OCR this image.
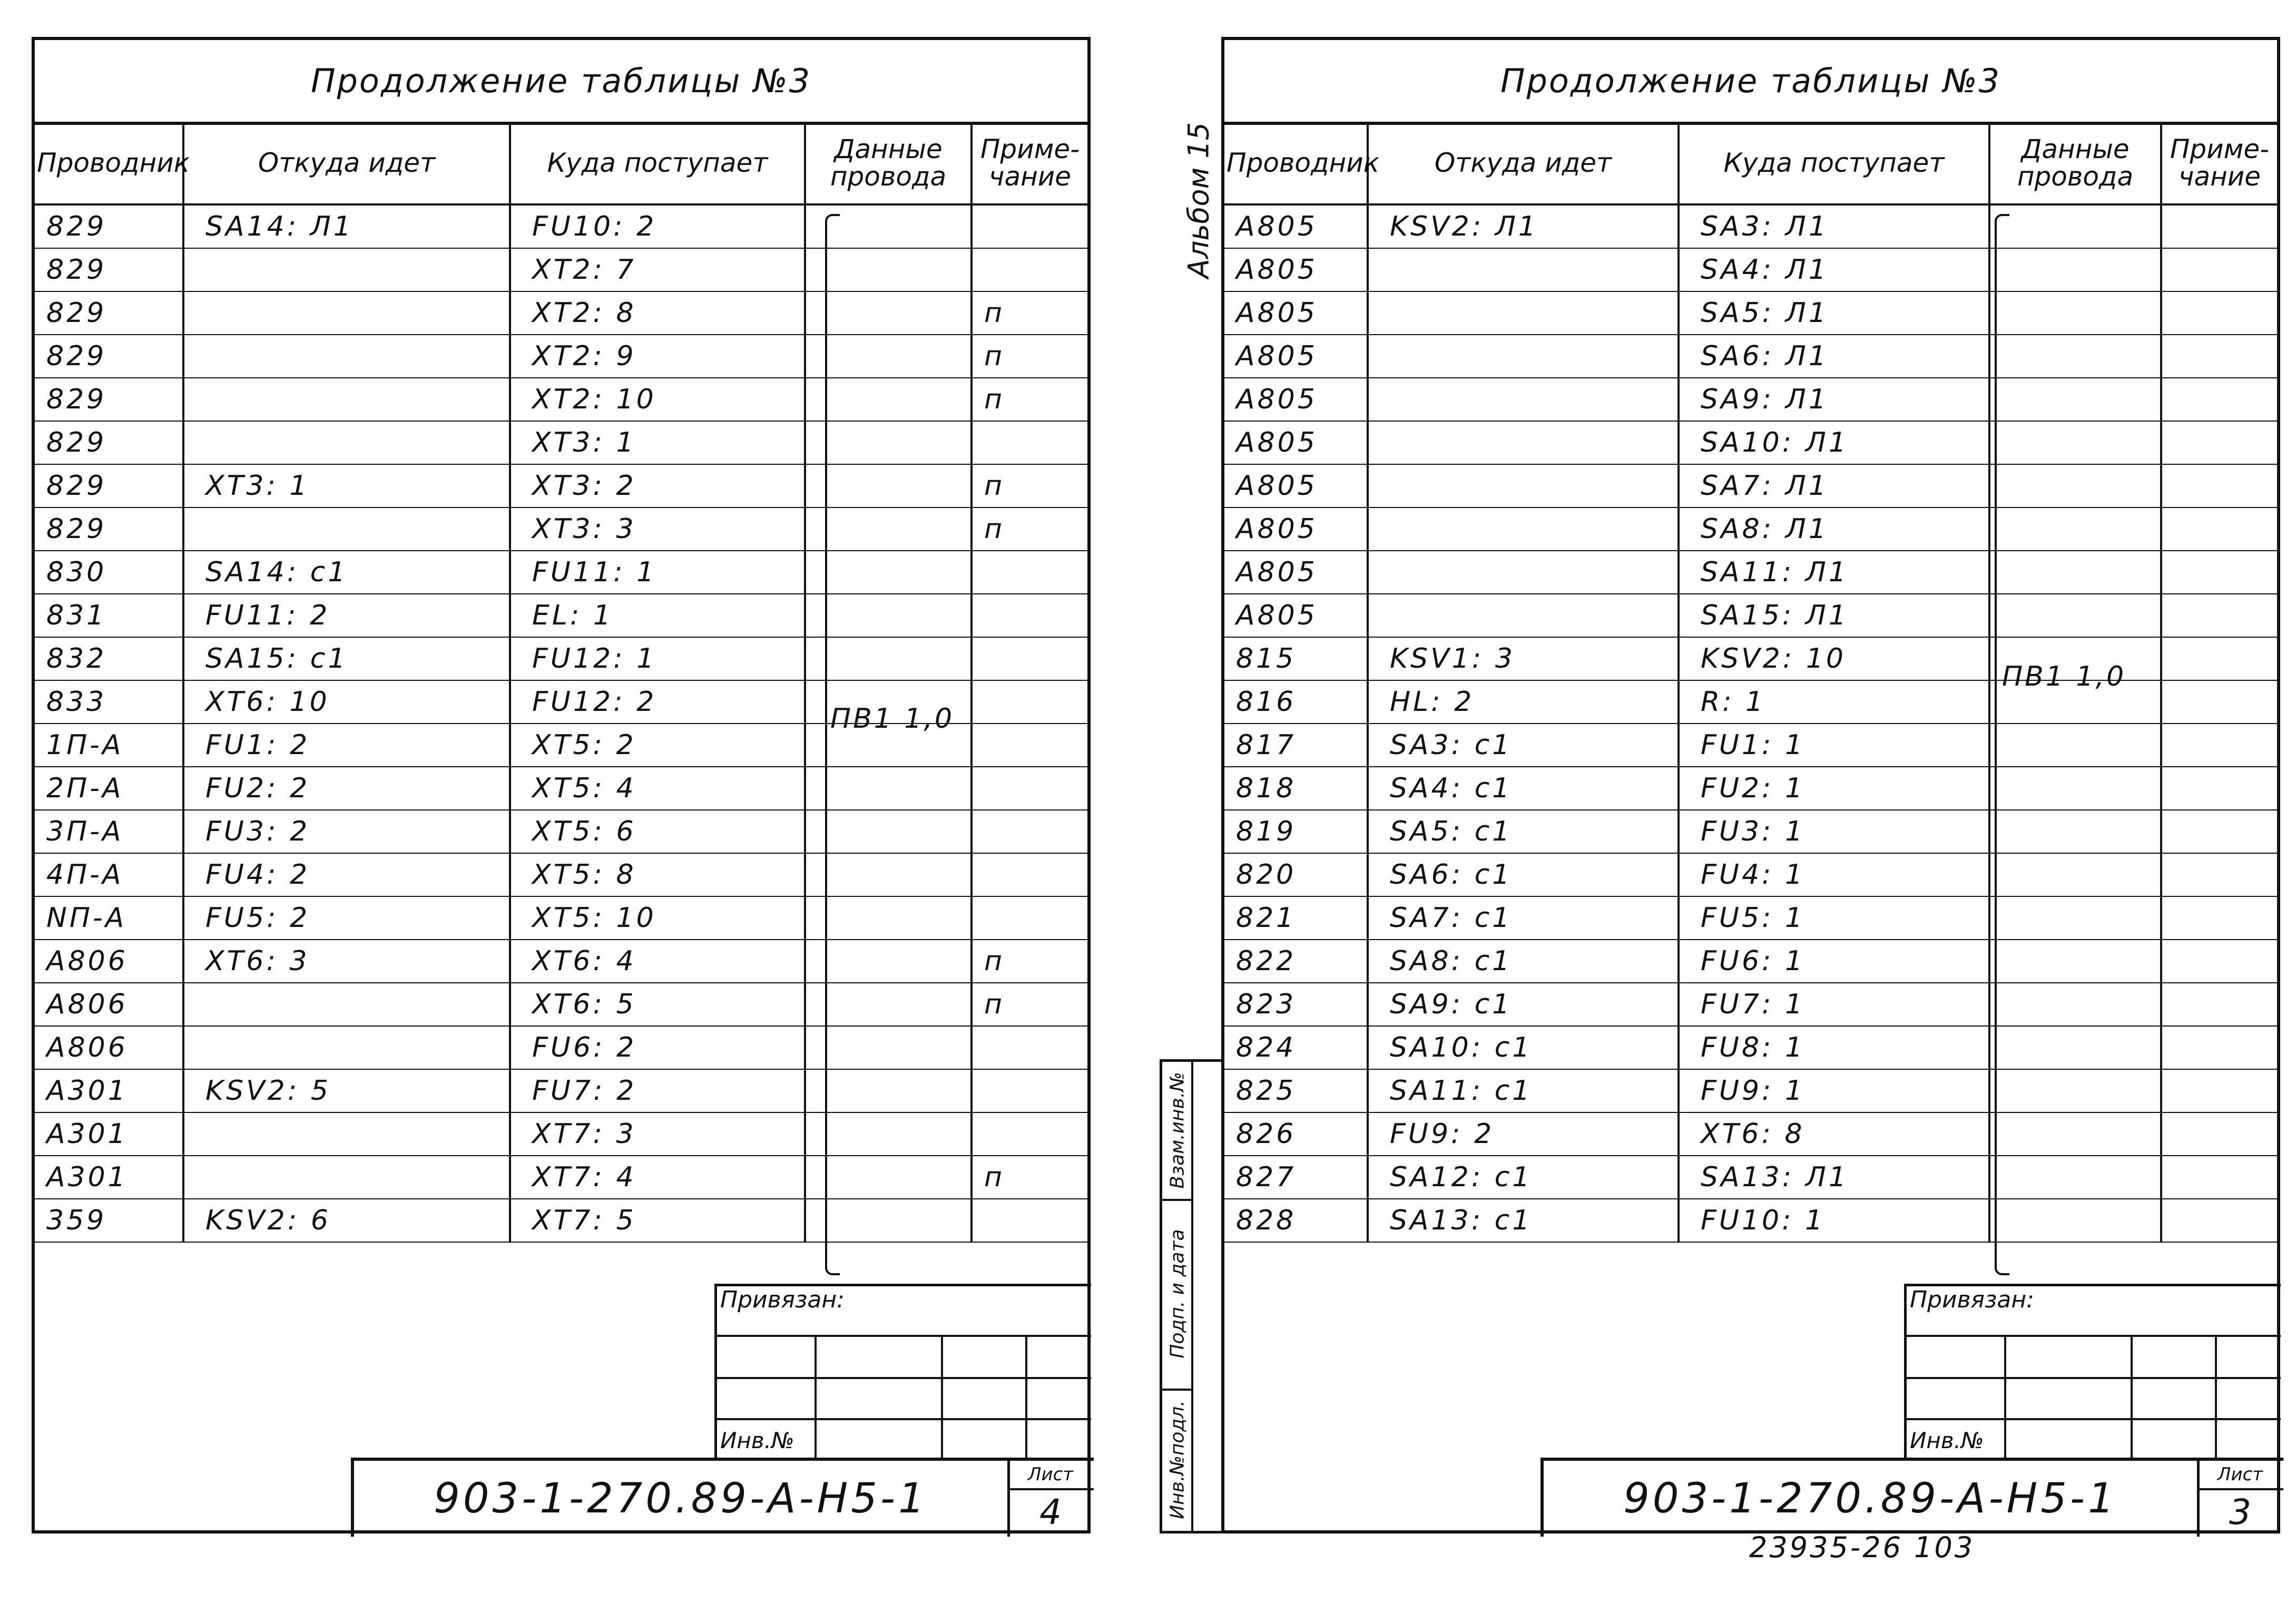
Продолжение таблицы №3
Проводник	Откуда идет	Куда поступает	Данные провода	Приме-чание
829	SA14: Л1	FU10: 2		
829		XT2: 7		
829		XT2: 8		п
829		XT2: 9		п
829		XT2: 10		п
829		XT3: 1		
829	XT3: 1	XT3: 2		п
829		XT3: 3		п
830	SA14: c1	FU11: 1		
831	FU11: 2	EL: 1		
832	SA15: c1	FU12: 1		
833	XT6: 10	FU12: 2		
1П-А	FU1: 2	XT5: 2		
2П-А	FU2: 2	XT5: 4		
3П-А	FU3: 2	XT5: 6		
4П-А	FU4: 2	XT5: 8		
NП-А	FU5: 2	XT5: 10		
A806	XT6: 3	XT6: 4		п
A806		XT6: 5		п
A806		FU6: 2		
A301	KSV2: 5	FU7: 2		
A301		XT7: 3		
A301		XT7: 4		п
359	KSV2: 6	XT7: 5		
ПВ1 1,0
Привязан:
Инв.№
903-1-270.89-А-Н5-1
Лист
4
Альбом 15
Взам.инв.№
Подп. и дата
Инв.№подл.
Продолжение таблицы №3
Проводник	Откуда идет	Куда поступает	Данные провода	Приме-чание
A805	KSV2: Л1	SA3: Л1		
A805		SA4: Л1		
A805		SA5: Л1		
A805		SA6: Л1		
A805		SA9: Л1		
A805		SA10: Л1		
A805		SA7: Л1		
A805		SA8: Л1		
A805		SA11: Л1		
A805		SA15: Л1		
815	KSV1: 3	KSV2: 10		
816	HL: 2	R: 1		
817	SA3: c1	FU1: 1		
818	SA4: c1	FU2: 1		
819	SA5: c1	FU3: 1		
820	SA6: c1	FU4: 1		
821	SA7: c1	FU5: 1		
822	SA8: c1	FU6: 1		
823	SA9: c1	FU7: 1		
824	SA10: c1	FU8: 1		
825	SA11: c1	FU9: 1		
826	FU9: 2	XT6: 8		
827	SA12: c1	SA13: Л1		
828	SA13: c1	FU10: 1		
ПВ1 1,0
Привязан:
Инв.№
903-1-270.89-А-Н5-1
Лист
3
23935-26 103
